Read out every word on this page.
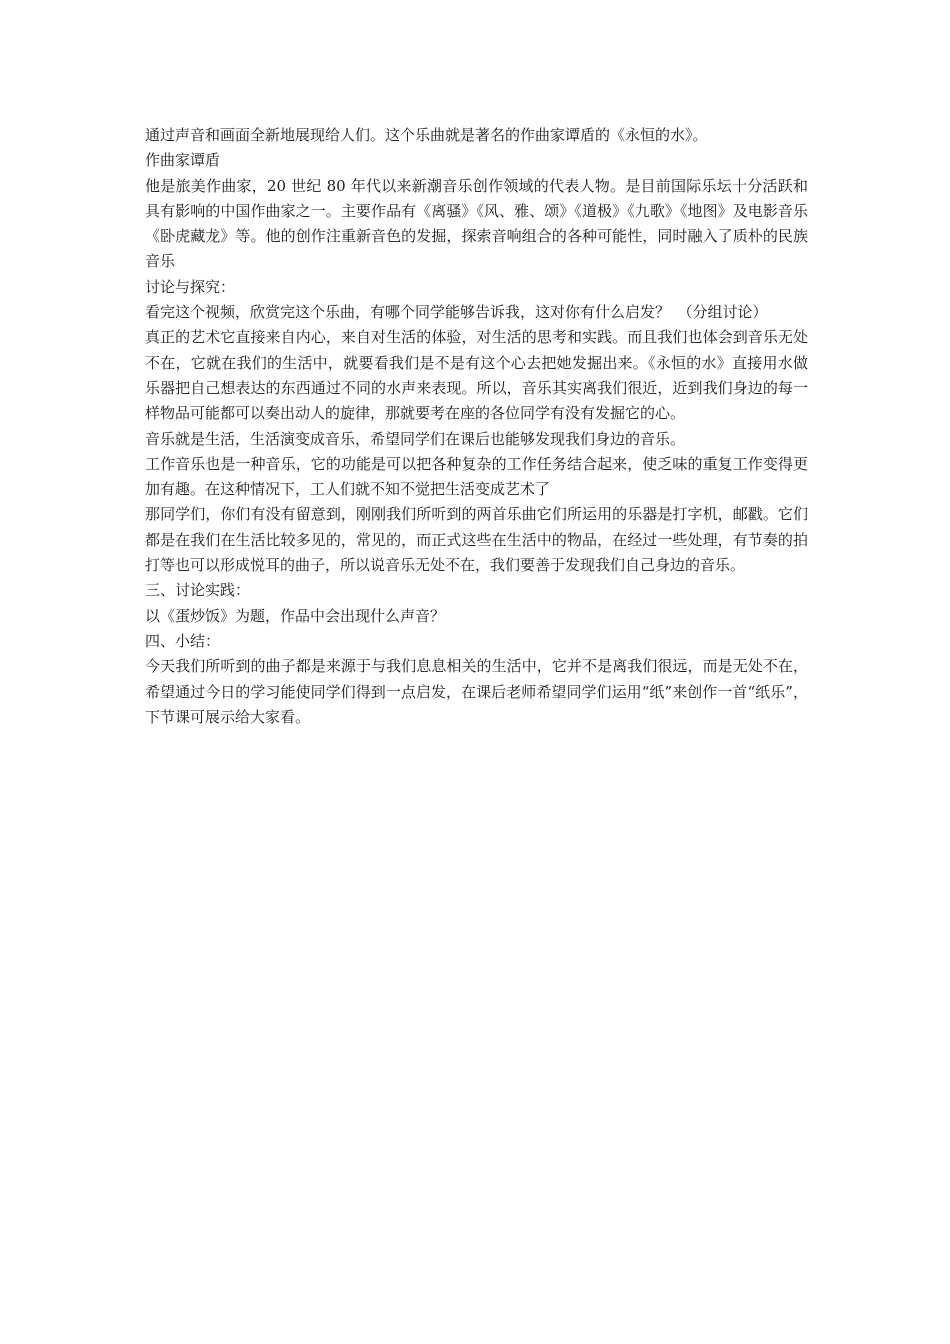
通过声音和画面全新地展现给人们。这个乐曲就是著名的作曲家谭盾的《永恒的水》。

作曲家谭盾

他是旅美作曲家，20 世纪 80 年代以来新潮音乐创作领域的代表人物。是目前国际乐坛十分活跃和具有影响的中国作曲家之一。主要作品有《离骚》《风、雅、颂》《道极》《九歌》《地图》及电影音乐《卧虎藏龙》等。他的创作注重新音色的发掘，探索音响组合的各种可能性，同时融入了质朴的民族音乐

讨论与探究：

看完这个视频，欣赏完这个乐曲，有哪个同学能够告诉我，这对你有什么启发？　（分组讨论）

真正的艺术它直接来自内心，来自对生活的体验，对生活的思考和实践。而且我们也体会到音乐无处不在，它就在我们的生活中，就要看我们是不是有这个心去把她发掘出来。《永恒的水》直接用水做乐器把自己想表达的东西通过不同的水声来表现。所以，音乐其实离我们很近，近到我们身边的每一样物品可能都可以奏出动人的旋律，那就要考在座的各位同学有没有发掘它的心。

音乐就是生活，生活演变成音乐，希望同学们在课后也能够发现我们身边的音乐。

工作音乐也是一种音乐，它的功能是可以把各种复杂的工作任务结合起来，使乏味的重复工作变得更加有趣。在这种情况下，工人们就不知不觉把生活变成艺术了

那同学们，你们有没有留意到，刚刚我们所听到的两首乐曲它们所运用的乐器是打字机，邮戳。它们都是在我们在生活比较多见的，常见的，而正式这些在生活中的物品，在经过一些处理，有节奏的拍打等也可以形成悦耳的曲子，所以说音乐无处不在，我们要善于发现我们自己身边的音乐。

三、讨论实践：

以《蛋炒饭》为题，作品中会出现什么声音？

四、小结：

今天我们所听到的曲子都是来源于与我们息息相关的生活中，它并不是离我们很远，而是无处不在，希望通过今日的学习能使同学们得到一点启发，在课后老师希望同学们运用“纸”来创作一首“纸乐”，下节课可展示给大家看。
